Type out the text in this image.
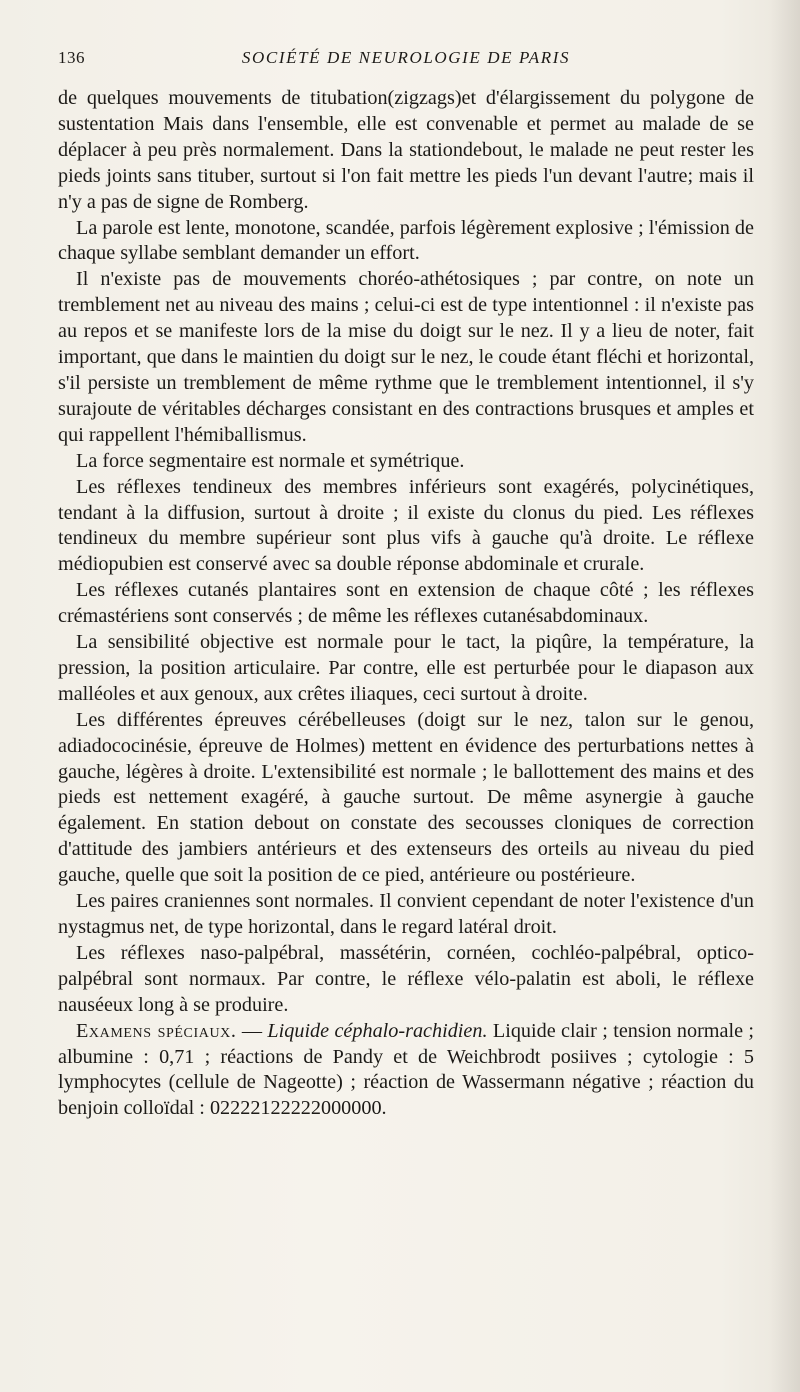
136	SOCIÉTÉ DE NEUROLOGIE DE PARIS

de quelques mouvements de titubation(zigzags)et d'élargissement du polygone de sustentation Mais dans l'ensemble, elle est convenable et permet au malade de se déplacer à peu près normalement. Dans la stationdebout, le malade ne peut rester les pieds joints sans tituber, surtout si l'on fait mettre les pieds l'un devant l'autre; mais il n'y a pas de signe de Romberg.

La parole est lente, monotone, scandée, parfois légèrement explosive ; l'émission de chaque syllabe semblant demander un effort.

Il n'existe pas de mouvements choréo-athétosiques ; par contre, on note un tremblement net au niveau des mains ; celui-ci est de type intentionnel : il n'existe pas au repos et se manifeste lors de la mise du doigt sur le nez. Il y a lieu de noter, fait important, que dans le maintien du doigt sur le nez, le coude étant fléchi et horizontal, s'il persiste un tremblement de même rythme que le tremblement intentionnel, il s'y surajoute de véritables décharges consistant en des contractions brusques et amples et qui rappellent l'hémiballismus.

La force segmentaire est normale et symétrique.

Les réflexes tendineux des membres inférieurs sont exagérés, polycinétiques, tendant à la diffusion, surtout à droite ; il existe du clonus du pied. Les réflexes tendineux du membre supérieur sont plus vifs à gauche qu'à droite. Le réflexe médiopubien est conservé avec sa double réponse abdominale et crurale.

Les réflexes cutanés plantaires sont en extension de chaque côté ; les réflexes crémastériens sont conservés ; de même les réflexes cutanésabdominaux.

La sensibilité objective est normale pour le tact, la piqûre, la température, la pression, la position articulaire. Par contre, elle est perturbée pour le diapason aux malléoles et aux genoux, aux crêtes iliaques, ceci surtout à droite.

Les différentes épreuves cérébelleuses (doigt sur le nez, talon sur le genou, adiadococinésie, épreuve de Holmes) mettent en évidence des perturbations nettes à gauche, légères à droite. L'extensibilité est normale ; le ballottement des mains et des pieds est nettement exagéré, à gauche surtout. De même asynergie à gauche également. En station debout on constate des secousses cloniques de correction d'attitude des jambiers antérieurs et des extenseurs des orteils au niveau du pied gauche, quelle que soit la position de ce pied, antérieure ou postérieure.

Les paires craniennes sont normales. Il convient cependant de noter l'existence d'un nystagmus net, de type horizontal, dans le regard latéral droit.

Les réflexes naso-palpébral, massétérin, cornéen, cochléo-palpébral, optico-palpébral sont normaux. Par contre, le réflexe vélo-palatin est aboli, le réflexe nauséeux long à se produire.

Examens spéciaux. — Liquide céphalo-rachidien. Liquide clair ; tension normale ; albumine : 0,71 ; réactions de Pandy et de Weichbrodt posiives ; cytologie : 5 lymphocytes (cellule de Nageotte) ; réaction de Wassermann négative ; réaction du benjoin colloïdal : 02222122222000000.
